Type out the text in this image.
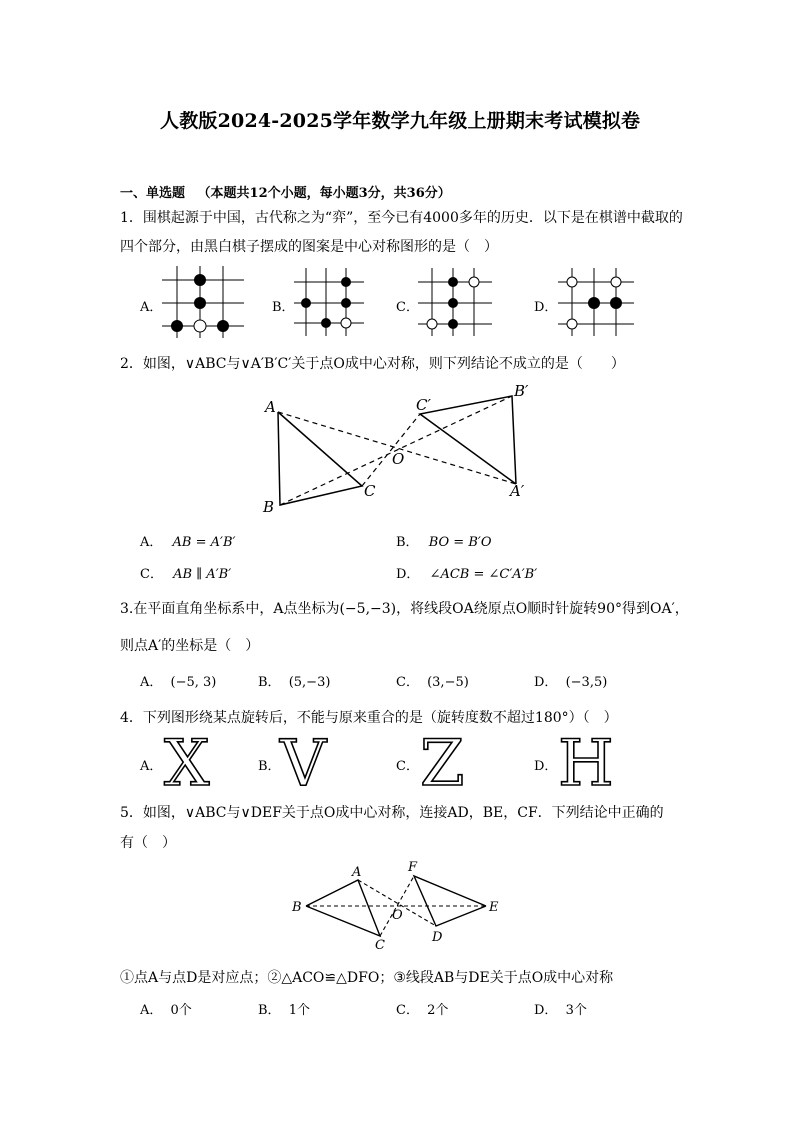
人教版2024-2025学年数学九年级上册期末考试模拟卷
一、单选题 （本题共12个小题，每小题3分，共36分）
1．围棋起源于中国，古代称之为“弈”，至今已有4000多年的历史．以下是在棋谱中截取的
四个部分，由黑白棋子摆成的图案是中心对称图形的是（　）
A．	B．	C．	D．
2．如图，∨ABC与∨A′B′C′关于点O成中心对称，则下列结论不成立的是（　　）
A
B
C
O
C′
B′
A′
A． AB = A′B′	B． BO = B′O
C． AB ∥ A′B′	D． ∠ACB = ∠C′A′B′
3.在平面直角坐标系中，A点坐标为(−5,−3)，将线段OA绕原点O顺时针旋转90°得到OA′，
则点A′的坐标是（　）
A． (−5, 3)	B． (5,−3)	C． (3,−5)	D． (−3,5)
4．下列图形绕某点旋转后，不能与原来重合的是（旋转度数不超过180°）（　）
A． X	B． V	C． Z	D． H
5．如图，∨ABC与∨DEF关于点O成中心对称，连接AD，BE，CF．下列结论中正确的
有（　）
A
B
C
O
F
D
E
①点A与点D是对应点；②△ACO≌△DFO；③线段AB与DE关于点O成中心对称
A． 0个	B． 1个	C． 2个	D． 3个
